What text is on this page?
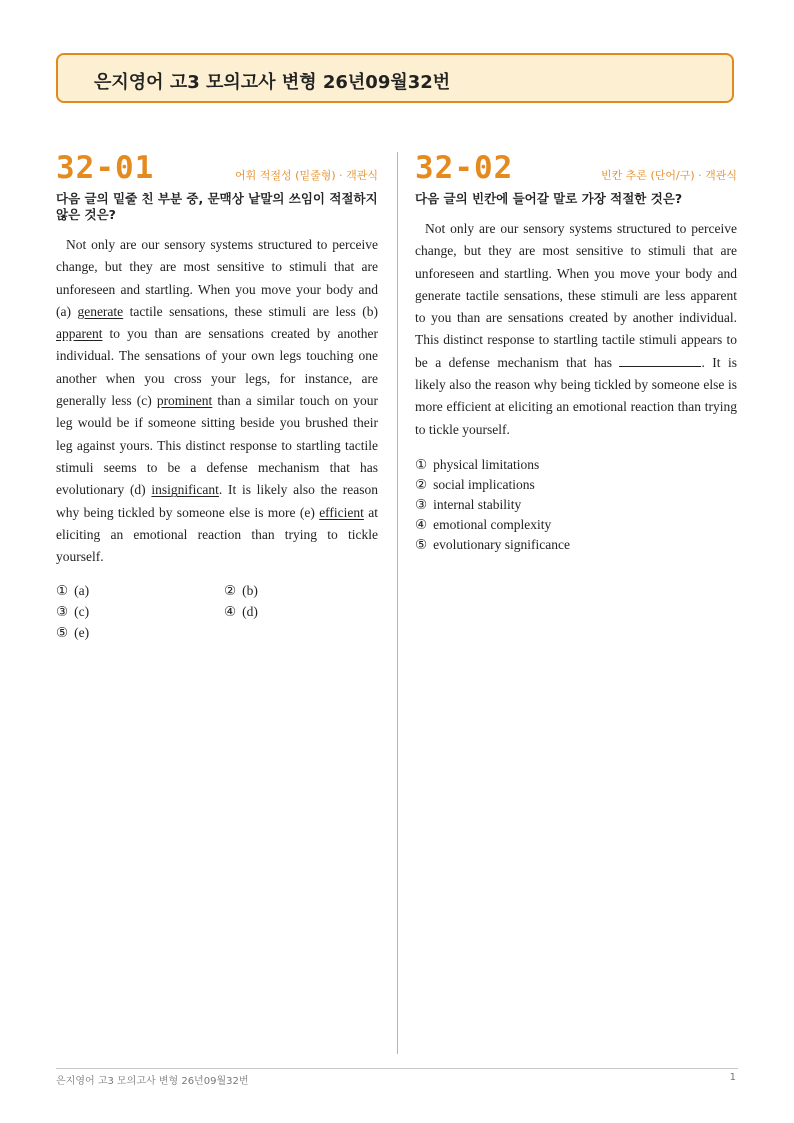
은지영어 고3 모의고사 변형 26년09월32번
32-01	어휘 적절성 (밑줄형) · 객관식
다음 글의 밑줄 친 부분 중, 문맥상 낱말의 쓰임이 적절하지 않은 것은?
Not only are our sensory systems structured to perceive change, but they are most sensitive to stimuli that are unforeseen and startling. When you move your body and (a) generate tactile sensations, these stimuli are less (b) apparent to you than are sensations created by another individual. The sensations of your own legs touching one another when you cross your legs, for instance, are generally less (c) prominent than a similar touch on your leg would be if someone sitting beside you brushed their leg against yours. This distinct response to startling tactile stimuli seems to be a defense mechanism that has evolutionary (d) insignificant. It is likely also the reason why being tickled by someone else is more (e) efficient at eliciting an emotional reaction than trying to tickle yourself.
① (a)	② (b)
③ (c)	④ (d)
⑤ (e)
32-02	빈칸 추론 (단어/구) · 객관식
다음 글의 빈칸에 들어갈 말로 가장 적절한 것은?
Not only are our sensory systems structured to perceive change, but they are most sensitive to stimuli that are unforeseen and startling. When you move your body and generate tactile sensations, these stimuli are less apparent to you than are sensations created by another individual. This distinct response to startling tactile stimuli appears to be a defense mechanism that has	. It is likely also the reason why being tickled by someone else is more efficient at eliciting an emotional reaction than trying to tickle yourself.
① physical limitations
② social implications
③ internal stability
④ emotional complexity
⑤ evolutionary significance
은지영어 고3 모의고사 변형 26년09월32번	1
